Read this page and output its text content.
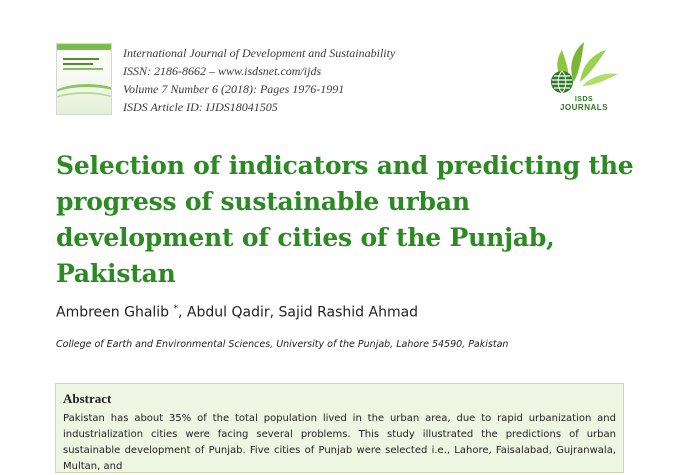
International Journal of Development and Sustainability
ISSN: 2186-8662 – www.isdsnet.com/ijds
Volume 7 Number 6 (2018): Pages 1976-1991
ISDS Article ID: IJDS18041505
ISDS
JOURNALS
Selection of indicators and predicting the progress of sustainable urban development of cities of the Punjab, Pakistan
Ambreen Ghalib *, Abdul Qadir, Sajid Rashid Ahmad
College of Earth and Environmental Sciences, University of the Punjab, Lahore 54590, Pakistan
Abstract
Pakistan has about 35% of the total population lived in the urban area, due to rapid urbanization and industrialization cities were facing several problems. This study illustrated the predictions of urban sustainable development of Punjab. Five cities of Punjab were selected i.e., Lahore, Faisalabad, Gujranwala, Multan, and
